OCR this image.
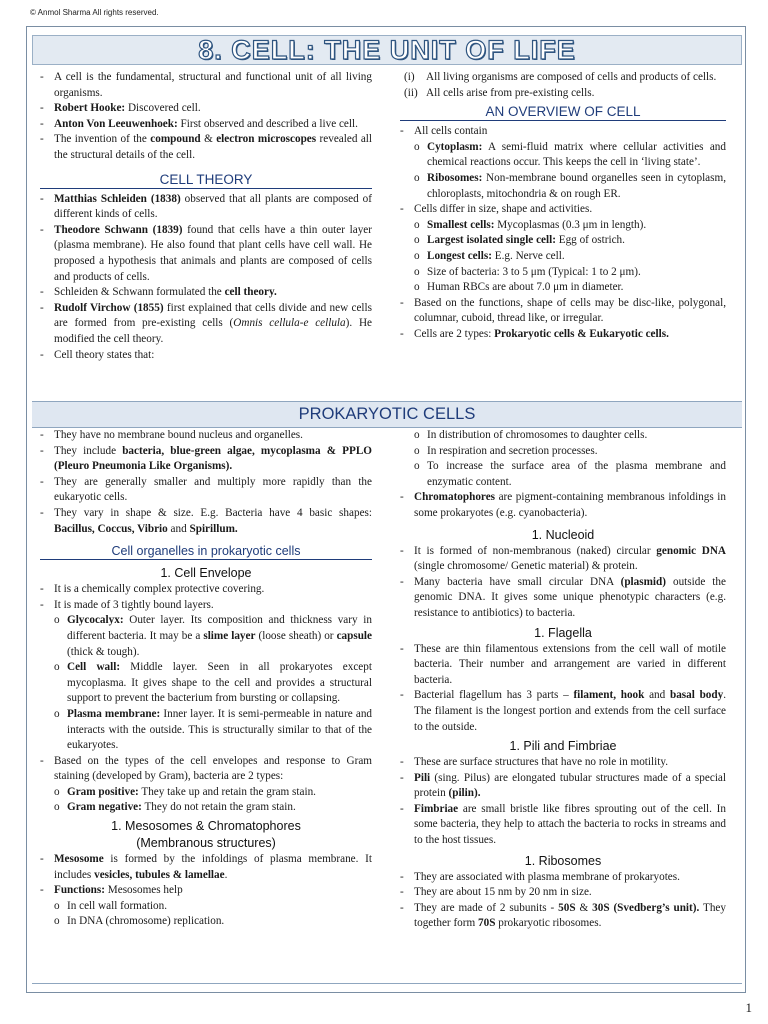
© Anmol Sharma All rights reserved.
8. CELL: THE UNIT OF LIFE
- A cell is the fundamental, structural and functional unit of all living organisms.
- Robert Hooke: Discovered cell.
- Anton Von Leeuwenhoek: First observed and described a live cell.
- The invention of the compound & electron microscopes revealed all the structural details of the cell.
CELL THEORY
- Matthias Schleiden (1838) observed that all plants are composed of different kinds of cells.
- Theodore Schwann (1839) found that cells have a thin outer layer (plasma membrane). He also found that plant cells have cell wall. He proposed a hypothesis that animals and plants are composed of cells and products of cells.
- Schleiden & Schwann formulated the cell theory.
- Rudolf Virchow (1855) first explained that cells divide and new cells are formed from pre-existing cells (Omnis cellula-e cellula). He modified the cell theory.
- Cell theory states that:
(i)	All living organisms are composed of cells and products of cells.
(ii) All cells arise from pre-existing cells.
AN OVERVIEW OF CELL
- All cells contain
o Cytoplasm: A semi-fluid matrix where cellular activities and chemical reactions occur. This keeps the cell in ‘living state’.
o Ribosomes: Non-membrane bound organelles seen in cytoplasm, chloroplasts, mitochondria & on rough ER.
- Cells differ in size, shape and activities.
o Smallest cells: Mycoplasmas (0.3 μm in length).
o Largest isolated single cell: Egg of ostrich.
o Longest cells: E.g. Nerve cell.
o Size of bacteria: 3 to 5 μm (Typical: 1 to 2 μm).
o Human RBCs are about 7.0 μm in diameter.
- Based on the functions, shape of cells may be disc-like, polygonal, columnar, cuboid, thread like, or irregular.
- Cells are 2 types: Prokaryotic cells & Eukaryotic cells.
PROKARYOTIC CELLS
- They have no membrane bound nucleus and organelles.
- They include bacteria, blue-green algae, mycoplasma & PPLO (Pleuro Pneumonia Like Organisms).
- They are generally smaller and multiply more rapidly than the eukaryotic cells.
- They vary in shape & size. E.g. Bacteria have 4 basic shapes: Bacillus, Coccus, Vibrio and Spirillum.
Cell organelles in prokaryotic cells
1. Cell Envelope
- It is a chemically complex protective covering.
- It is made of 3 tightly bound layers.
o Glycocalyx: Outer layer. Its composition and thickness vary in different bacteria. It may be a slime layer (loose sheath) or capsule (thick & tough).
o Cell wall: Middle layer. Seen in all prokaryotes except mycoplasma. It gives shape to the cell and provides a structural support to prevent the bacterium from bursting or collapsing.
o Plasma membrane: Inner layer. It is semi-permeable in nature and interacts with the outside. This is structurally similar to that of the eukaryotes.
- Based on the types of the cell envelopes and response to Gram staining (developed by Gram), bacteria are 2 types:
o Gram positive: They take up and retain the gram stain.
o Gram negative: They do not retain the gram stain.
1. Mesosomes & Chromatophores
(Membranous structures)
- Mesosome is formed by the infoldings of plasma membrane. It includes vesicles, tubules & lamellae.
- Functions: Mesosomes help
o In cell wall formation.
o In DNA (chromosome) replication.
o In distribution of chromosomes to daughter cells.
o In respiration and secretion processes.
o To increase the surface area of the plasma membrane and enzymatic content.
- Chromatophores are pigment-containing membranous infoldings in some prokaryotes (e.g. cyanobacteria).
1. Nucleoid
- It is formed of non-membranous (naked) circular genomic DNA (single chromosome/ Genetic material) & protein.
- Many bacteria have small circular DNA (plasmid) outside the genomic DNA. It gives some unique phenotypic characters (e.g. resistance to antibiotics) to bacteria.
1. Flagella
- These are thin filamentous extensions from the cell wall of motile bacteria. Their number and arrangement are varied in different bacteria.
- Bacterial flagellum has 3 parts – filament, hook and basal body. The filament is the longest portion and extends from the cell surface to the outside.
1. Pili and Fimbriae
- These are surface structures that have no role in motility.
- Pili (sing. Pilus) are elongated tubular structures made of a special protein (pilin).
- Fimbriae are small bristle like fibres sprouting out of the cell. In some bacteria, they help to attach the bacteria to rocks in streams and to the host tissues.
1. Ribosomes
- They are associated with plasma membrane of prokaryotes.
- They are about 15 nm by 20 nm in size.
- They are made of 2 subunits - 50S & 30S (Svedberg’s unit). They together form 70S prokaryotic ribosomes.
1
